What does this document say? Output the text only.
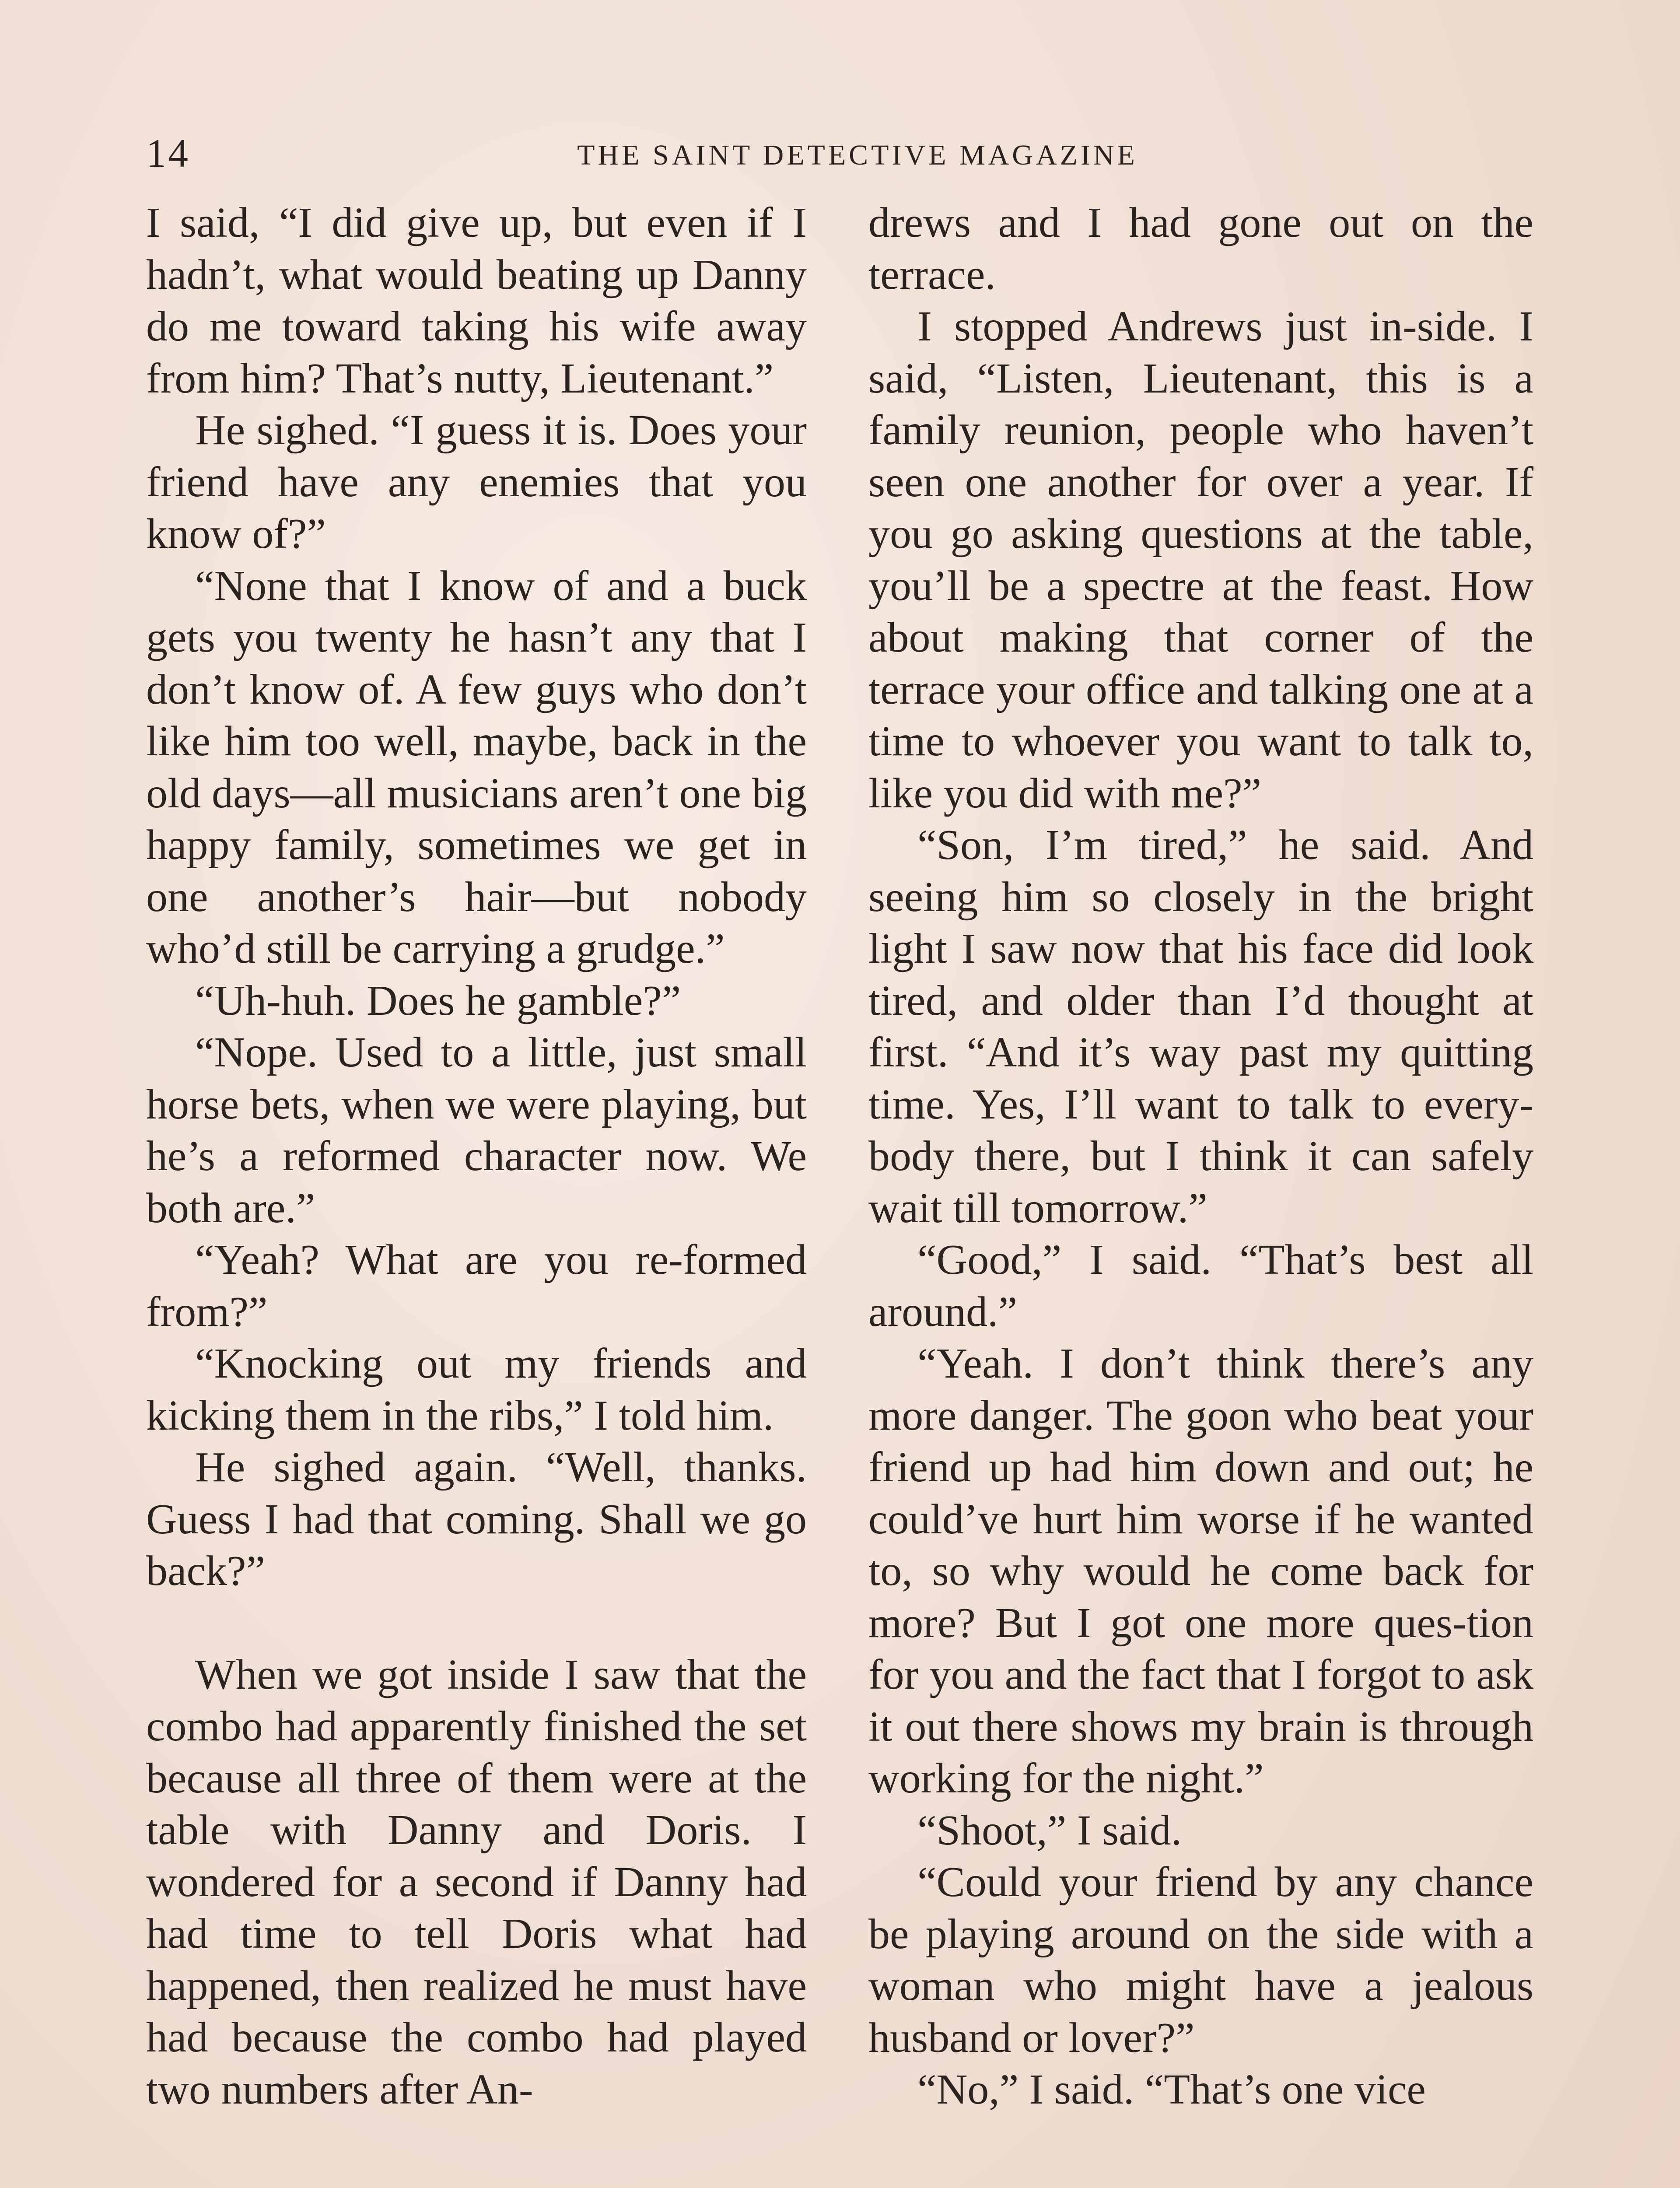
14	THE SAINT DETECTIVE MAGAZINE

I said, “I did give up, but even if I hadn’t, what would beating up Danny do me toward taking his wife away from him? That’s nutty, Lieutenant.”

He sighed. “I guess it is. Does your friend have any enemies that you know of?”

“None that I know of and a buck gets you twenty he hasn’t any that I don’t know of. A few guys who don’t like him too well, maybe, back in the old days—all musicians aren’t one big happy family, sometimes we get in one another’s hair—but nobody who’d still be carrying a grudge.”

“Uh-huh. Does he gamble?”

“Nope. Used to a little, just small horse bets, when we were playing, but he’s a reformed character now. We both are.”

“Yeah? What are you re-formed from?”

“Knocking out my friends and kicking them in the ribs,” I told him.

He sighed again. “Well, thanks. Guess I had that coming. Shall we go back?”

When we got inside I saw that the combo had apparently finished the set because all three of them were at the table with Danny and Doris. I wondered for a second if Danny had had time to tell Doris what had happened, then realized he must have had because the combo had played two numbers after An-

drews and I had gone out on the terrace.

I stopped Andrews just in-side. I said, “Listen, Lieutenant, this is a family reunion, people who haven’t seen one another for over a year. If you go asking questions at the table, you’ll be a spectre at the feast. How about making that corner of the terrace your office and talking one at a time to whoever you want to talk to, like you did with me?”

“Son, I’m tired,” he said. And seeing him so closely in the bright light I saw now that his face did look tired, and older than I’d thought at first. “And it’s way past my quitting time. Yes, I’ll want to talk to every-body there, but I think it can safely wait till tomorrow.”

“Good,” I said. “That’s best all around.”

“Yeah. I don’t think there’s any more danger. The goon who beat your friend up had him down and out; he could’ve hurt him worse if he wanted to, so why would he come back for more? But I got one more ques-tion for you and the fact that I forgot to ask it out there shows my brain is through working for the night.”

“Shoot,” I said.

“Could your friend by any chance be playing around on the side with a woman who might have a jealous husband or lover?”

“No,” I said. “That’s one vice
